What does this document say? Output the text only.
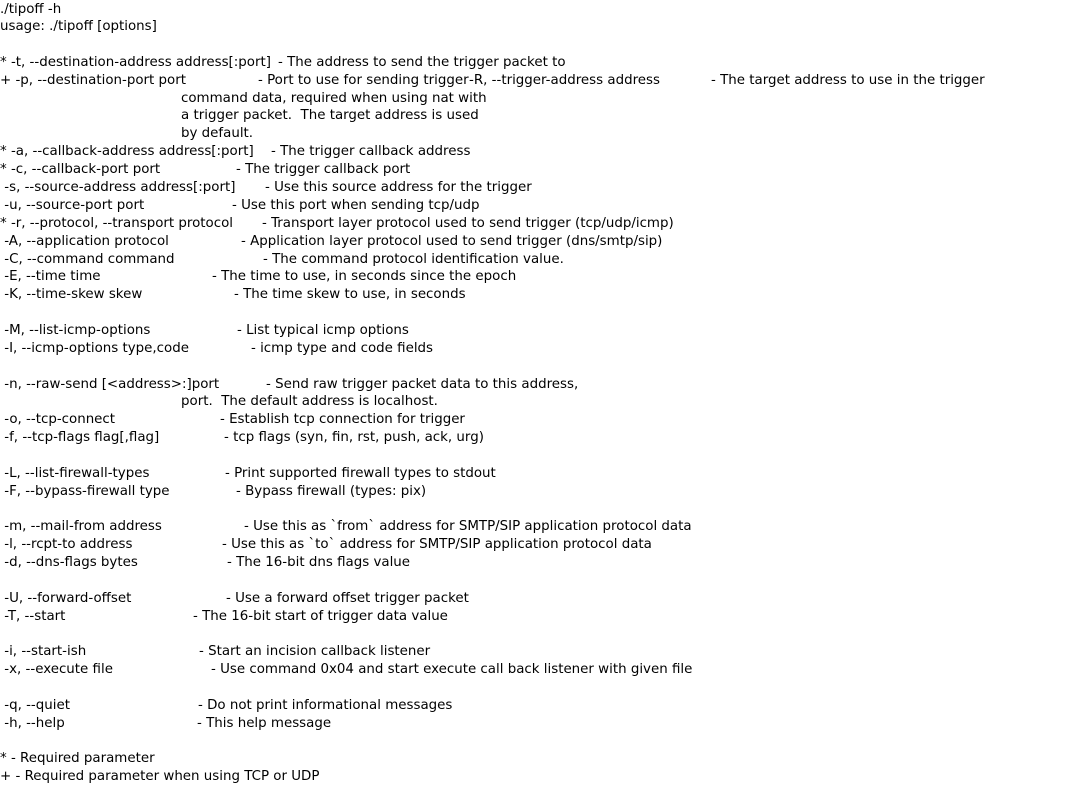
./tipoff -h
usage: ./tipoff [options]
* -t, --destination-address address[:port] - The address to send the trigger packet to
+ -p, --destination-port port	- Port to use for sending trigger -R, --trigger-address address	- The target address to use in the trigger
command data, required when using nat with
a trigger packet.  The target address is used
by default.
* -a, --callback-address address[:port] - The trigger callback address
* -c, --callback-port port	- The trigger callback port
-s, --source-address address[:port] - Use this source address for the trigger
-u, --source-port port	- Use this port when sending tcp/udp
* -r, --protocol, --transport protocol - Transport layer protocol used to send trigger (tcp/udp/icmp)
-A, --application protocol	- Application layer protocol used to send trigger (dns/smtp/sip)
-C, --command command	- The command protocol identification value.
-E, --time time	- The time to use, in seconds since the epoch
-K, --time-skew skew	- The time skew to use, in seconds
-M, --list-icmp-options	- List typical icmp options
-I, --icmp-options type,code	- icmp type and code fields
-n, --raw-send [<address>:]port	- Send raw trigger packet data to this address,
port.  The default address is localhost.
-o, --tcp-connect	- Establish tcp connection for trigger
-f, --tcp-flags flag[,flag]	- tcp flags (syn, fin, rst, push, ack, urg)
-L, --list-firewall-types	- Print supported firewall types to stdout
-F, --bypass-firewall type	- Bypass firewall (types: pix)
-m, --mail-from address	- Use this as `from` address for SMTP/SIP application protocol data
-l, --rcpt-to address	- Use this as `to` address for SMTP/SIP application protocol data
-d, --dns-flags bytes	- The 16-bit dns flags value
-U, --forward-offset	- Use a forward offset trigger packet
-T, --start	- The 16-bit start of trigger data value
-i, --start-ish	- Start an incision callback listener
-x, --execute file	- Use command 0x04 and start execute call back listener with given file
-q, --quiet	- Do not print informational messages
-h, --help	- This help message
* - Required parameter
+ - Required parameter when using TCP or UDP
